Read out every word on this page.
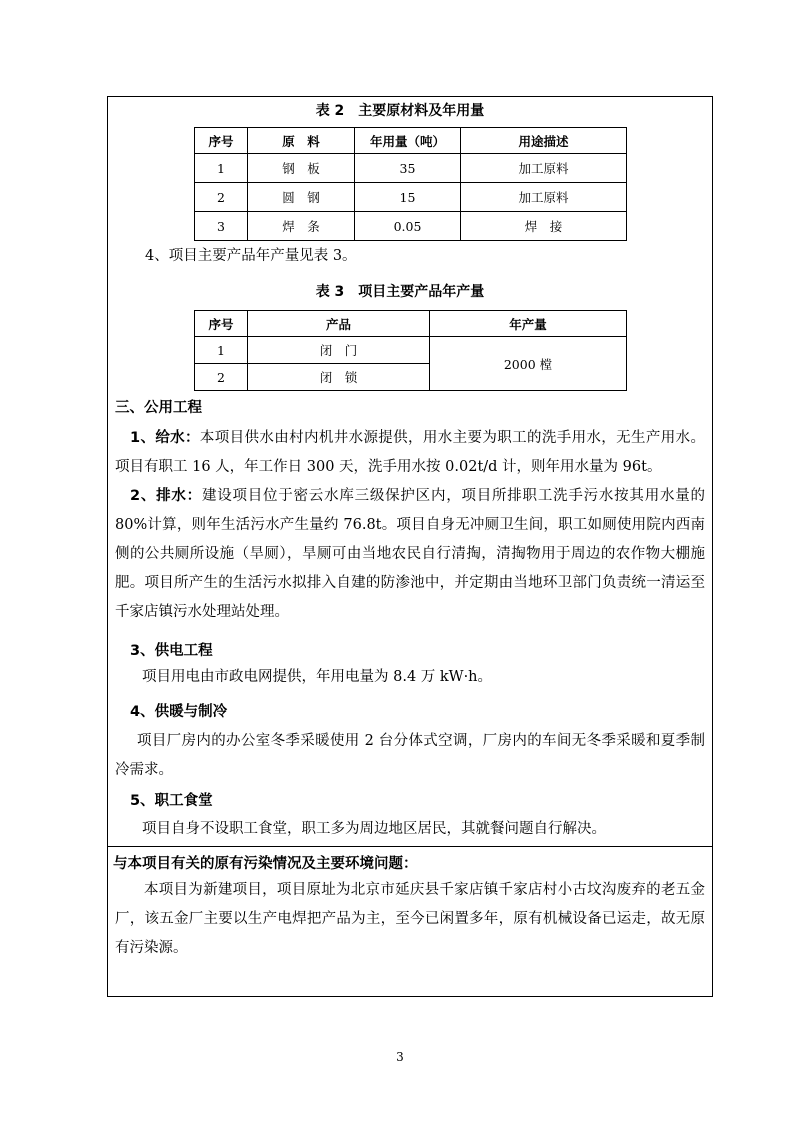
表 2　主要原材料及年用量
序号	原　料	年用量（吨）	用途描述
1	钢　板	35	加工原料
2	圆　钢	15	加工原料
3	焊　条	0.05	焊　接
4、项目主要产品年产量见表 3。
表 3　项目主要产品年产量
序号	产品	年产量
1	闭　门	2000 樘
2	闭　锁	
三、公用工程
1、给水：本项目供水由村内机井水源提供，用水主要为职工的洗手用水，无生产用水。项目有职工 16 人，年工作日 300 天，洗手用水按 0.02t/d 计，则年用水量为 96t。
2、排水：建设项目位于密云水库三级保护区内，项目所排职工洗手污水按其用水量的 80%计算，则年生活污水产生量约 76.8t。项目自身无冲厕卫生间，职工如厕使用院内西南侧的公共厕所设施（旱厕），旱厕可由当地农民自行清掏，清掏物用于周边的农作物大棚施肥。项目所产生的生活污水拟排入自建的防渗池中，并定期由当地环卫部门负责统一清运至千家店镇污水处理站处理。
3、供电工程
项目用电由市政电网提供，年用电量为 8.4 万 kW·h。
4、供暖与制冷
项目厂房内的办公室冬季采暖使用 2 台分体式空调，厂房内的车间无冬季采暖和夏季制冷需求。
5、职工食堂
项目自身不设职工食堂，职工多为周边地区居民，其就餐问题自行解决。
与本项目有关的原有污染情况及主要环境问题：
本项目为新建项目，项目原址为北京市延庆县千家店镇千家店村小古坟沟废弃的老五金厂，该五金厂主要以生产电焊把产品为主，至今已闲置多年，原有机械设备已运走，故无原有污染源。
3
